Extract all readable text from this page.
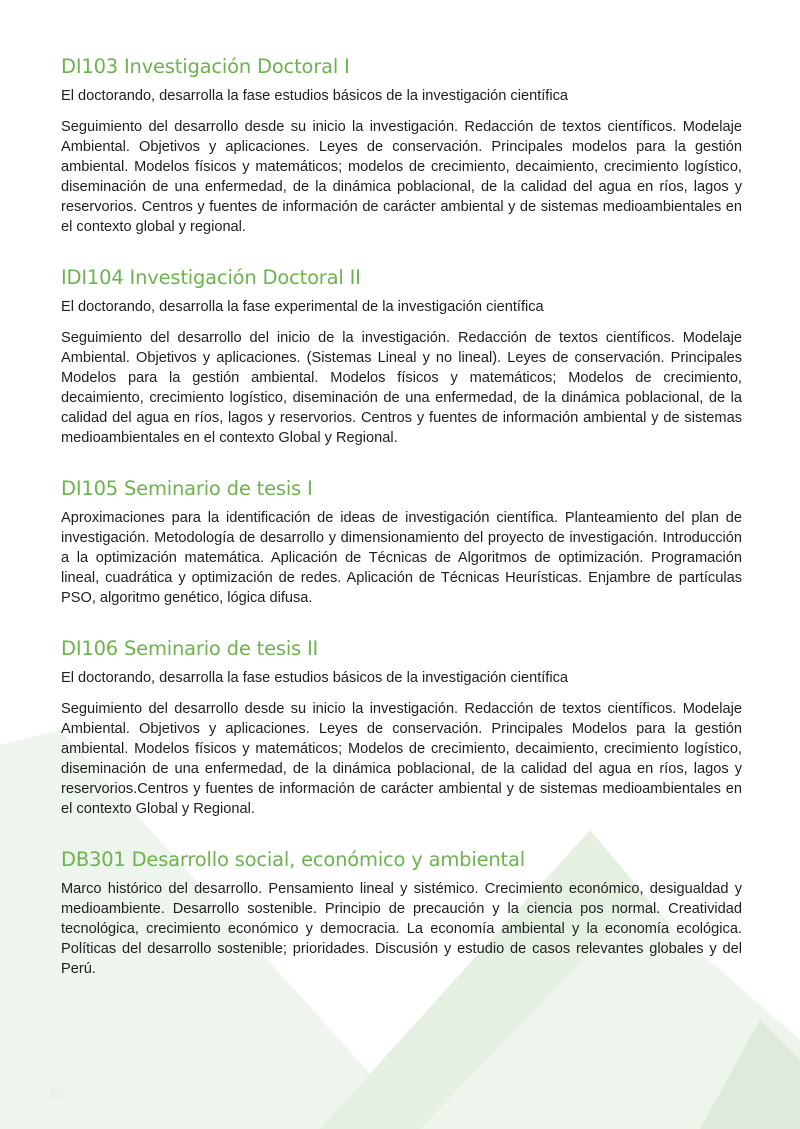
DI103 Investigación Doctoral I

El doctorando, desarrolla la fase estudios básicos de la investigación científica

Seguimiento del desarrollo desde su inicio la investigación. Redacción de textos científicos. Modelaje Ambiental. Objetivos y aplicaciones. Leyes de conservación. Principales modelos para la gestión ambiental. Modelos físicos y matemáticos; modelos de crecimiento, decaimiento, crecimiento logístico, diseminación de una enfermedad, de la dinámica poblacional, de la calidad del agua en ríos, lagos y reservorios. Centros y fuentes de información de carácter ambiental y de sistemas medioambientales en el contexto global y regional.

IDI104 Investigación Doctoral II

El doctorando, desarrolla la fase experimental de la investigación científica

Seguimiento del desarrollo del inicio de la investigación. Redacción de textos científicos. Modelaje Ambiental. Objetivos y aplicaciones. (Sistemas Lineal y no lineal). Leyes de conservación. Principales Modelos para la gestión ambiental. Modelos físicos y matemáticos; Modelos de crecimiento, decaimiento, crecimiento logístico, diseminación de una enfermedad, de la dinámica poblacional, de la calidad del agua en ríos, lagos y reservorios. Centros y fuentes de información ambiental y de sistemas medioambientales en el contexto Global y Regional.

DI105 Seminario de tesis I

Aproximaciones para la identificación de ideas de investigación científica. Planteamiento del plan de investigación. Metodología de desarrollo y dimensionamiento del proyecto de investigación. Introducción a la optimización matemática. Aplicación de Técnicas de Algoritmos de optimización. Programación lineal, cuadrática y optimización de redes. Aplicación de Técnicas Heurísticas. Enjambre de partículas PSO, algoritmo genético, lógica difusa.

DI106 Seminario de tesis II

El doctorando, desarrolla la fase estudios básicos de la investigación científica

Seguimiento del desarrollo desde su inicio la investigación. Redacción de textos científicos. Modelaje Ambiental. Objetivos y aplicaciones. Leyes de conservación. Principales Modelos para la gestión ambiental. Modelos físicos y matemáticos; Modelos de crecimiento, decaimiento, crecimiento logístico, diseminación de una enfermedad, de la dinámica poblacional, de la calidad del agua en ríos, lagos y reservorios.Centros y fuentes de información de carácter ambiental y de sistemas medioambientales en el contexto Global y Regional.

DB301 Desarrollo social, económico y ambiental

Marco histórico del desarrollo. Pensamiento lineal y sistémico. Crecimiento económico, desigualdad y medioambiente. Desarrollo sostenible. Principio de precaución y la ciencia pos normal. Creatividad tecnológica, crecimiento económico y democracia. La economía ambiental y la economía ecológica. Políticas del desarrollo sostenible; prioridades. Discusión y estudio de casos relevantes globales y del Perú.

52
